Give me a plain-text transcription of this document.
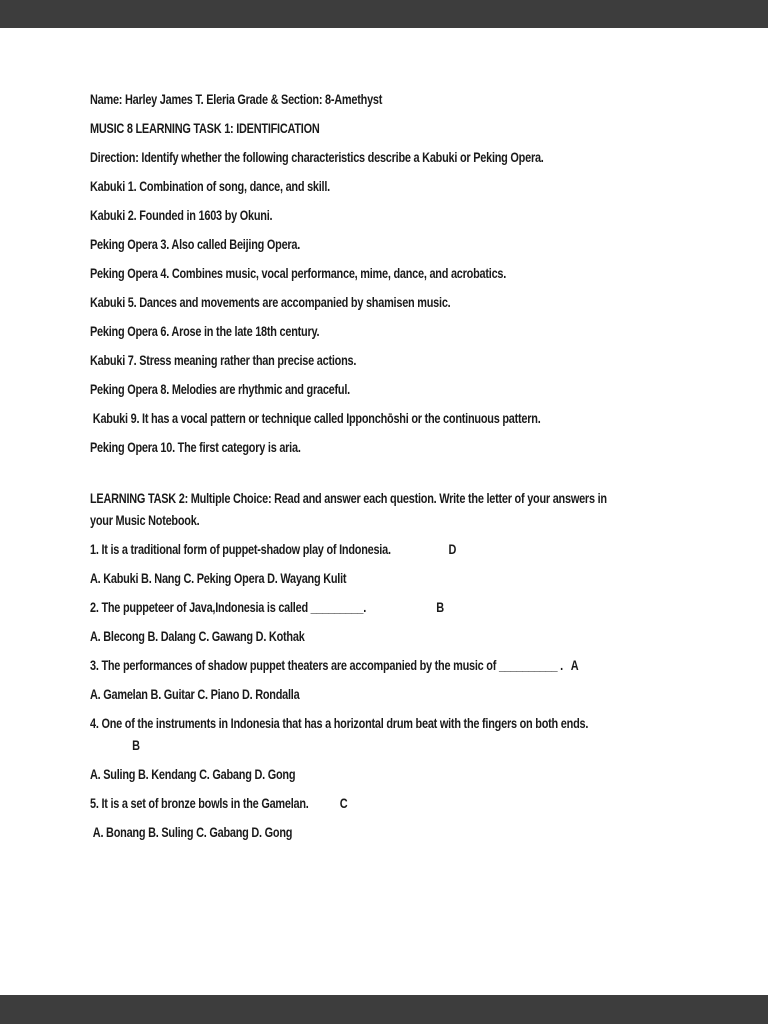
Name: Harley James T. Eleria Grade & Section: 8-Amethyst

MUSIC 8 LEARNING TASK 1: IDENTIFICATION

Direction: Identify whether the following characteristics describe a Kabuki or Peking Opera.

Kabuki 1. Combination of song, dance, and skill.

Kabuki 2. Founded in 1603 by Okuni.

Peking Opera 3. Also called Beijing Opera.

Peking Opera 4. Combines music, vocal performance, mime, dance, and acrobatics.

Kabuki 5. Dances and movements are accompanied by shamisen music.

Peking Opera 6. Arose in the late 18th century.

Kabuki 7. Stress meaning rather than precise actions.

Peking Opera 8. Melodies are rhythmic and graceful.

Kabuki 9. It has a vocal pattern or technique called Ipponchōshi or the continuous pattern.

Peking Opera 10. The first category is aria.

LEARNING TASK 2: Multiple Choice: Read and answer each question. Write the letter of your answers in
your Music Notebook.

1. It is a traditional form of puppet-shadow play of Indonesia.	D

A. Kabuki B. Nang C. Peking Opera D. Wayang Kulit

2. The puppeteer of Java,Indonesia is called _________.	B

A. Blecong B. Dalang C. Gawang D. Kothak

3. The performances of shadow puppet theaters are accompanied by the music of __________ . A

A. Gamelan B. Guitar C. Piano D. Rondalla

4. One of the instruments in Indonesia that has a horizontal drum beat with the fingers on both ends.

B

A. Suling B. Kendang C. Gabang D. Gong

5. It is a set of bronze bowls in the Gamelan. C

A. Bonang B. Suling C. Gabang D. Gong
